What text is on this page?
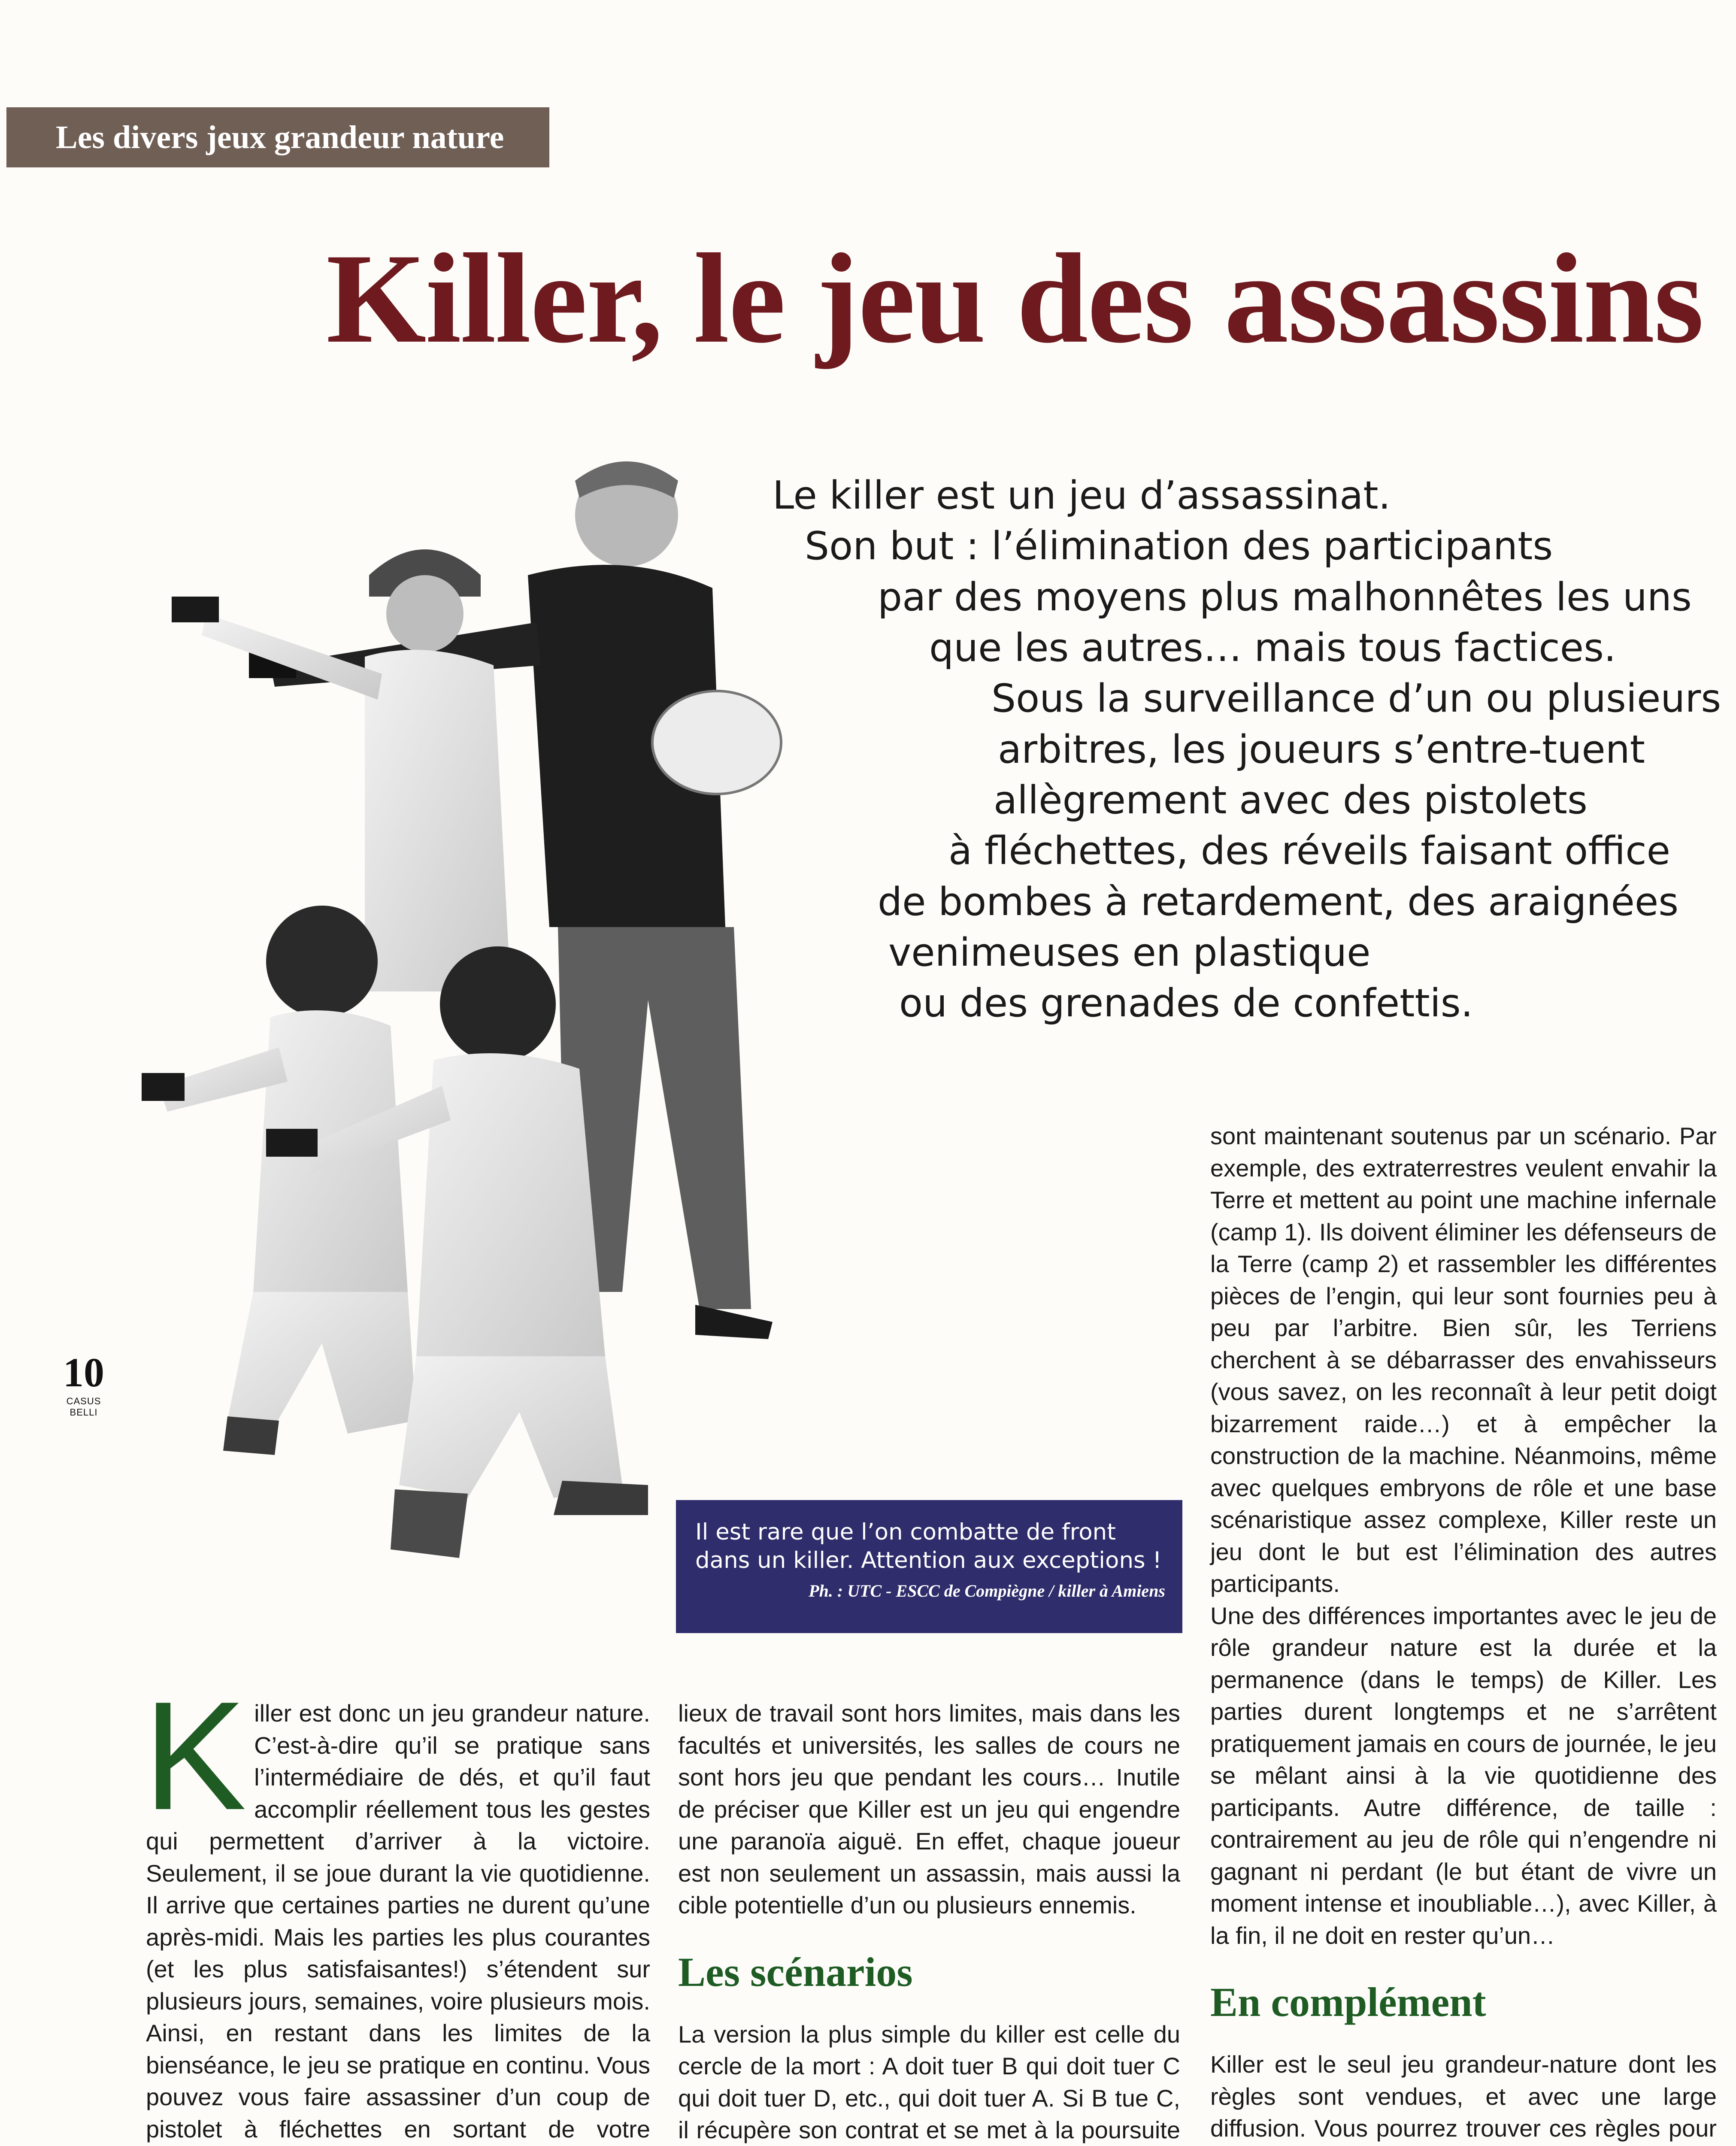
Les divers jeux grandeur nature
Killer, le jeu des assassins
Le killer est un jeu d’assassinat.
Son but : l’élimination des participants
par des moyens plus malhonnêtes les uns
que les autres… mais tous factices.
Sous la surveillance d’un ou plusieurs
arbitres, les joueurs s’entre-tuent
allègrement avec des pistolets
à fléchettes, des réveils faisant office
de bombes à retardement, des araignées
venimeuses en plastique
ou des grenades de confettis.
Il est rare que l’on combatte de front dans un killer. Attention aux exceptions !
Ph. : UTC - ESCC de Compiègne / killer à Amiens
10
CASUS BELLI

Killer est donc un jeu grandeur nature. C’est-à-dire qu’il se pratique sans l’intermédiaire de dés, et qu’il faut accomplir réellement tous les gestes qui permettent d’arriver à la victoire. Seulement, il se joue durant la vie quotidienne. Il arrive que certaines parties ne durent qu’une après-midi. Mais les parties les plus courantes (et les plus satisfaisantes!) s’étendent sur plusieurs jours, semaines, voire plusieurs mois. Ainsi, en restant dans les limites de la bienséance, le jeu se pratique en continu. Vous pouvez vous faire assassiner d’un coup de pistolet à fléchettes en sortant de votre

lieux de travail sont hors limites, mais dans les facultés et universités, les salles de cours ne sont hors jeu que pendant les cours… Inutile de préciser que Killer est un jeu qui engendre une paranoïa aiguë. En effet, chaque joueur est non seulement un assassin, mais aussi la cible potentielle d’un ou plusieurs ennemis.

Les scénarios

La version la plus simple du killer est celle du cercle de la mort : A doit tuer B qui doit tuer C qui doit tuer D, etc., qui doit tuer A. Si B tue C, il récupère son contrat et se met à la poursuite

sont maintenant soutenus par un scénario. Par exemple, des extraterrestres veulent envahir la Terre et mettent au point une machine infernale (camp 1). Ils doivent éliminer les défenseurs de la Terre (camp 2) et rassembler les différentes pièces de l’engin, qui leur sont fournies peu à peu par l’arbitre. Bien sûr, les Terriens cherchent à se débarrasser des envahisseurs (vous savez, on les reconnaît à leur petit doigt bizarrement raide…) et à empêcher la construction de la machine. Néanmoins, même avec quelques embryons de rôle et une base scénaristique assez complexe, Killer reste un jeu dont le but est l’élimination des autres participants.

Une des différences importantes avec le jeu de rôle grandeur nature est la durée et la permanence (dans le temps) de Killer. Les parties durent longtemps et ne s’arrêtent pratiquement jamais en cours de journée, le jeu se mêlant ainsi à la vie quotidienne des participants. Autre différence, de taille : contrairement au jeu de rôle qui n’engendre ni gagnant ni perdant (le but étant de vivre un moment intense et inoubliable…), avec Killer, à la fin, il ne doit en rester qu’un…

En complément

Killer est le seul jeu grandeur-nature dont les règles sont vendues, et avec une large diffusion. Vous pourrez trouver ces règles pour
